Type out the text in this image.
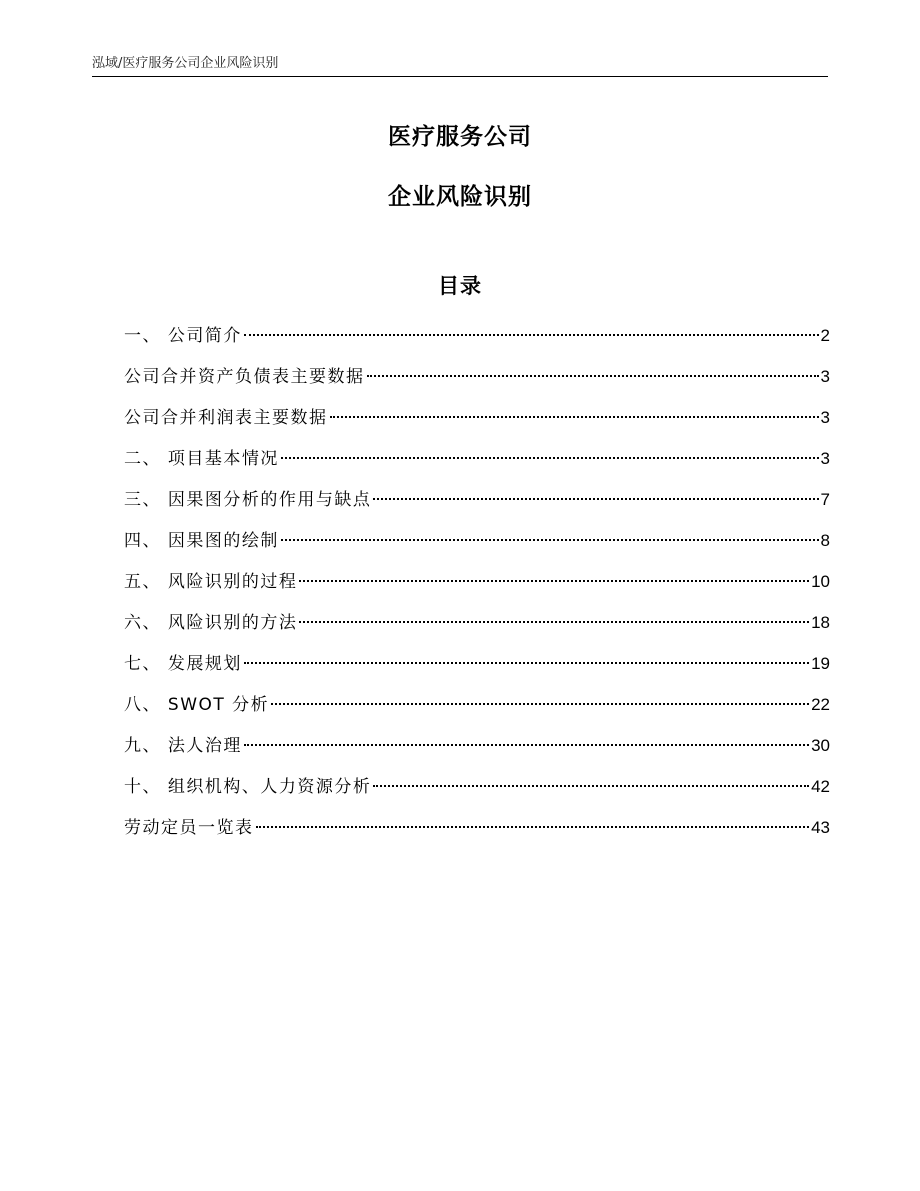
泓域/医疗服务公司企业风险识别
医疗服务公司
企业风险识别
目录
一、 公司简介	2
公司合并资产负债表主要数据	3
公司合并利润表主要数据	3
二、 项目基本情况	3
三、 因果图分析的作用与缺点	7
四、 因果图的绘制	8
五、 风险识别的过程	10
六、 风险识别的方法	18
七、 发展规划	19
八、 SWOT 分析	22
九、 法人治理	30
十、 组织机构、人力资源分析	42
劳动定员一览表	43
